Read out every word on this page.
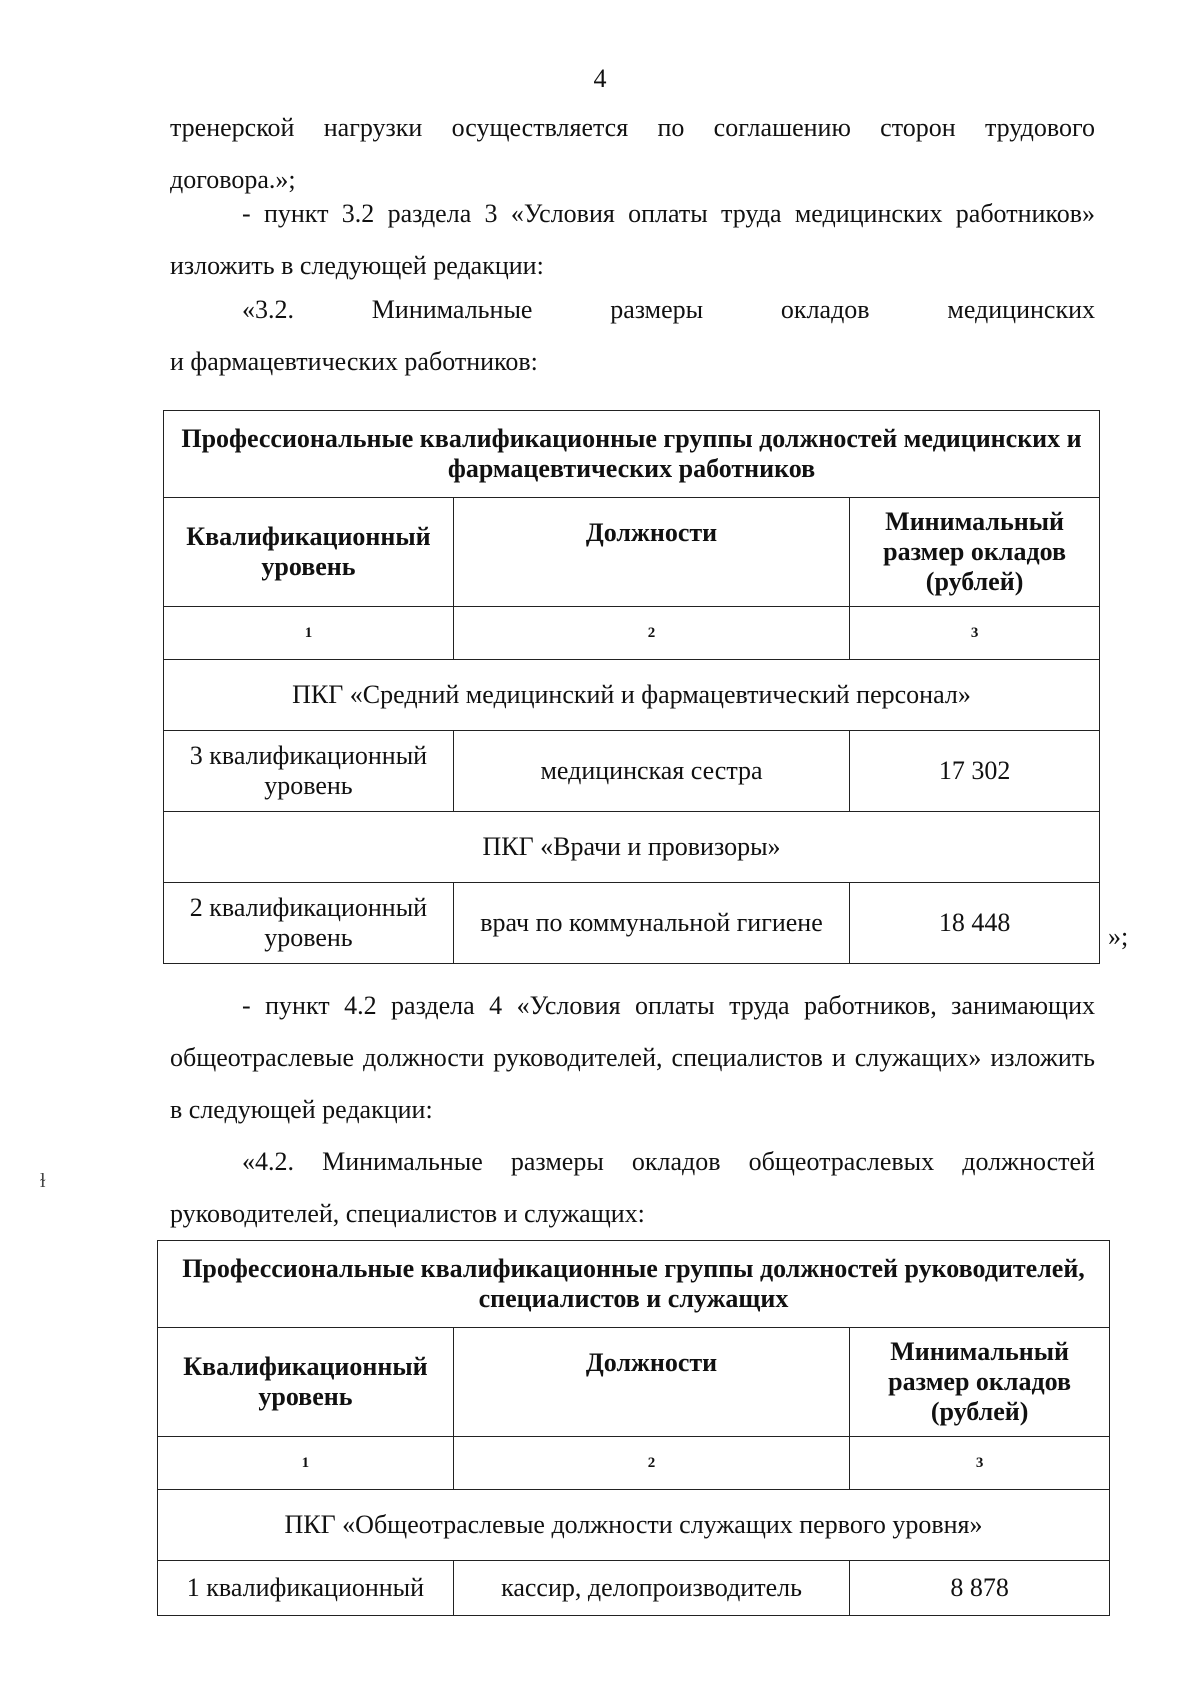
4
тренерской нагрузки осуществляется по соглашению сторон трудового
договора.»;
- пункт 3.2 раздела 3 «Условия оплаты труда медицинских работников» изложить в следующей редакции:
«3.2. Минимальные размеры окладов медицинских
и фармацевтических работников:
Профессиональные квалификационные группы должностей медицинских и фармацевтических работников		
Квалификационный уровень	Должности	Минимальный размер окладов (рублей)
1	2	3
ПКГ «Средний медицинский и фармацевтический персонал»		
3 квалификационный уровень	медицинская сестра	17 302
ПКГ «Врачи и провизоры»		
2 квалификационный уровень	врач по коммунальной гигиене	18 448	»;
- пункт 4.2 раздела 4 «Условия оплаты труда работников, занимающих общеотраслевые должности руководителей, специалистов и служащих» изложить в следующей редакции:
«4.2. Минимальные размеры окладов общеотраслевых должностей руководителей, специалистов и служащих:
ɫ
Профессиональные квалификационные группы должностей руководителей, специалистов и служащих		
Квалификационный уровень	Должности	Минимальный размер окладов (рублей)
1	2	3
ПКГ «Общеотраслевые должности служащих первого уровня»		
1 квалификационный	кассир, делопроизводитель	8 878
